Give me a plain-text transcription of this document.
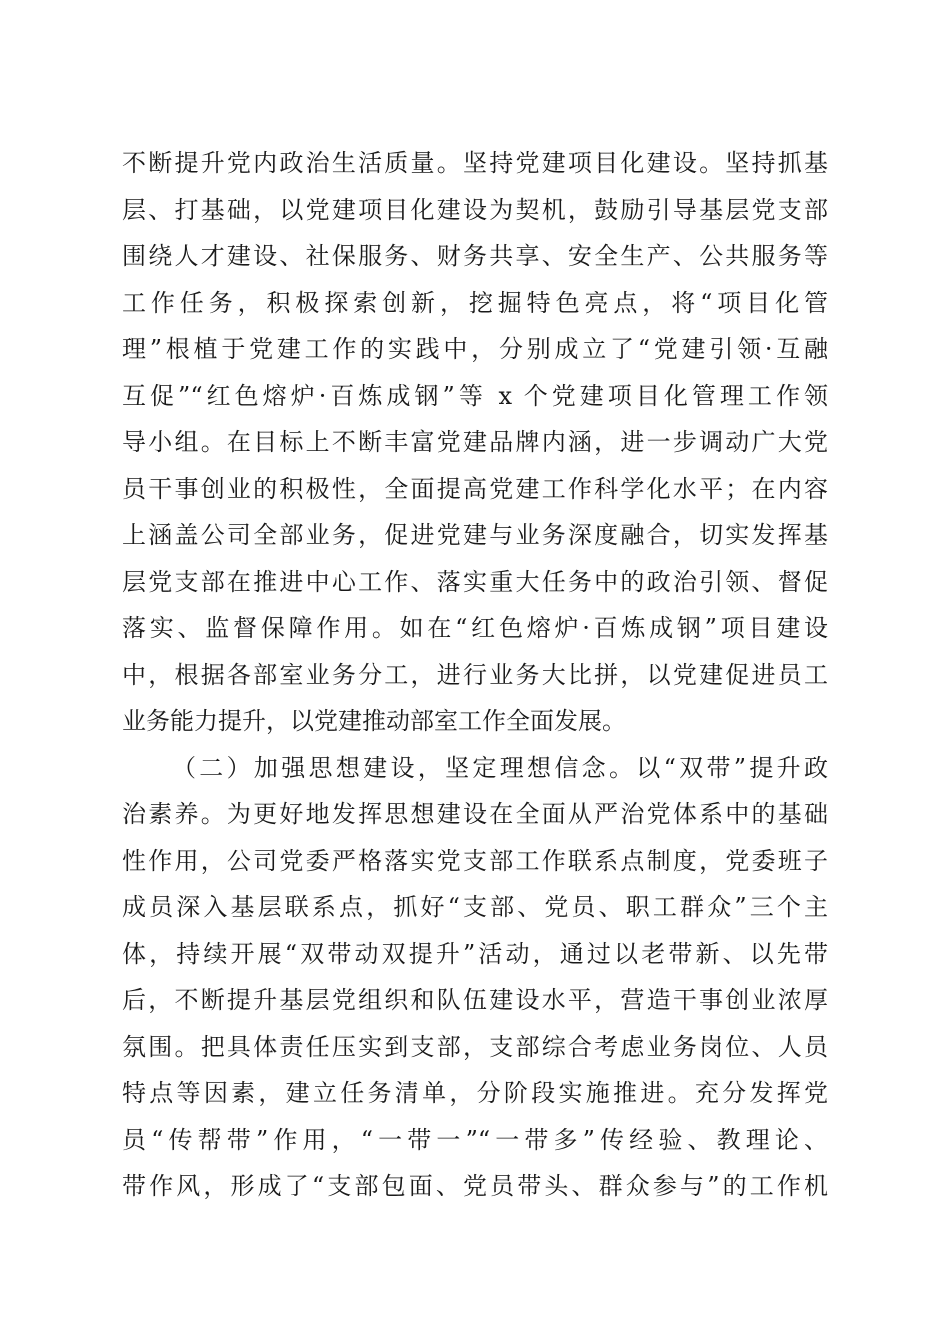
不断提升党内政治生活质量。坚持党建项目化建设。坚持抓基
层、打基础，以党建项目化建设为契机，鼓励引导基层党支部
围绕人才建设、社保服务、财务共享、安全生产、公共服务等
工作任务，积极探索创新，挖掘特色亮点，将“项目化管
理”根植于党建工作的实践中，分别成立了“党建引领·互融
互促”“红色熔炉·百炼成钢”等 x 个党建项目化管理工作领
导小组。在目标上不断丰富党建品牌内涵，进一步调动广大党
员干事创业的积极性，全面提高党建工作科学化水平；在内容
上涵盖公司全部业务，促进党建与业务深度融合，切实发挥基
层党支部在推进中心工作、落实重大任务中的政治引领、督促
落实、监督保障作用。如在“红色熔炉·百炼成钢”项目建设
中，根据各部室业务分工，进行业务大比拼，以党建促进员工
业务能力提升，以党建推动部室工作全面发展。
（二）加强思想建设，坚定理想信念。以“双带”提升政
治素养。为更好地发挥思想建设在全面从严治党体系中的基础
性作用，公司党委严格落实党支部工作联系点制度，党委班子
成员深入基层联系点，抓好“支部、党员、职工群众”三个主
体，持续开展“双带动双提升”活动，通过以老带新、以先带
后，不断提升基层党组织和队伍建设水平，营造干事创业浓厚
氛围。把具体责任压实到支部，支部综合考虑业务岗位、人员
特点等因素，建立任务清单，分阶段实施推进。充分发挥党
员“传帮带”作用，“一带一”“一带多”传经验、教理论、
带作风，形成了“支部包面、党员带头、群众参与”的工作机
